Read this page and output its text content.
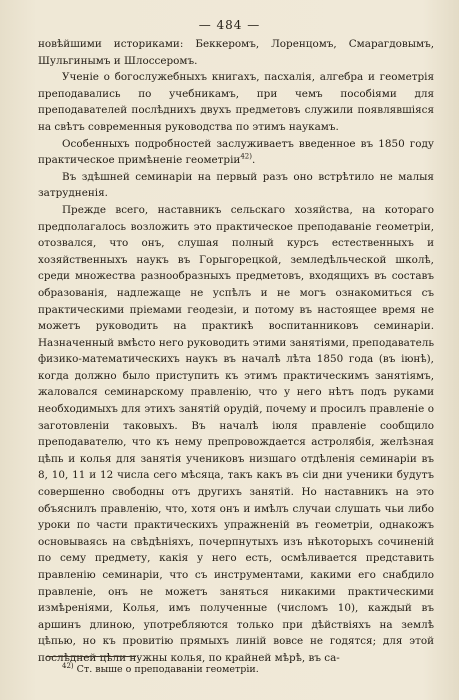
— 484 —

новѣйшими историками: Беккеромъ, Лоренцомъ, Смарагдовымъ, Шульгинымъ и Шлоссеромъ.

Ученіе о богослужебныхъ книгахъ, пасхалія, алгебра и геометрія преподавались по учебникамъ, при чемъ пособіями для преподавателей послѣднихъ двухъ предметовъ служили появлявшіяся на свѣтъ современныя руководства по этимъ наукамъ.

Особенныхъ подробностей заслуживаетъ введенное въ 1850 году практическое примѣненіе геометріи$^{42)}$.

Въ здѣшней семинаріи на первый разъ оно встрѣтило не малыя затрудненія.

Прежде всего, наставникъ сельскаго хозяйства, на котораго предполагалось возложить это практическое преподаваніе геометріи, отозвался, что онъ, слушая полный курсъ естественныхъ и хозяйственныхъ наукъ въ Горыгорецкой, земледѣльческой школѣ, среди множества разнообразныхъ предметовъ, входящихъ въ составъ образованія, надлежаще не успѣлъ и не могъ ознакомиться съ практическими пріемами геодезіи, и потому въ настоящее время не можетъ руководить на практикѣ воспитанниковъ семинаріи. Назначенный вмѣсто него руководить этими занятіями, преподаватель физико-математическихъ наукъ въ началѣ лѣта 1850 года (въ іюнѣ), когда должно было приступить къ этимъ практическимъ занятіямъ, жаловался семинарскому правленію, что у него нѣтъ подъ руками необходимыхъ для этихъ занятій орудій, почему и просилъ правленіе о заготовленіи таковыхъ. Въ началѣ іюля правленіе сообщило преподавателю, что къ нему препровождается астролябія, желѣзная цѣпь и колья для занятія учениковъ низшаго отдѣленія семинаріи въ 8, 10, 11 и 12 числа сего мѣсяца, такъ какъ въ сіи дни ученики будутъ совершенно свободны отъ другихъ занятій. Но наставникъ на это объяснилъ правленію, что, хотя онъ и имѣлъ случаи слушать чьи либо уроки по части практическихъ упражненій въ геометріи, однакожъ основываясь на свѣдѣніяхъ, почерпнутыхъ изъ нѣкоторыхъ сочиненій по сему предмету, какія у него есть, осмѣливается представить правленію семинаріи, что съ инструментами, какими его снабдило правленіе, онъ не можетъ заняться никакими практическими измѣреніями, Колья, имъ полученные (числомъ 10), каждый въ аршинъ длиною, употребляются только при дѣйствіяхъ на землѣ цѣпью, но къ провитію прямыхъ линій вовсе не годятся; для этой послѣдней цѣли нужны колья, по крайней мѣрѣ, въ са-

$^{42)}$ Ст. выше о преподаваніи геометріи.
